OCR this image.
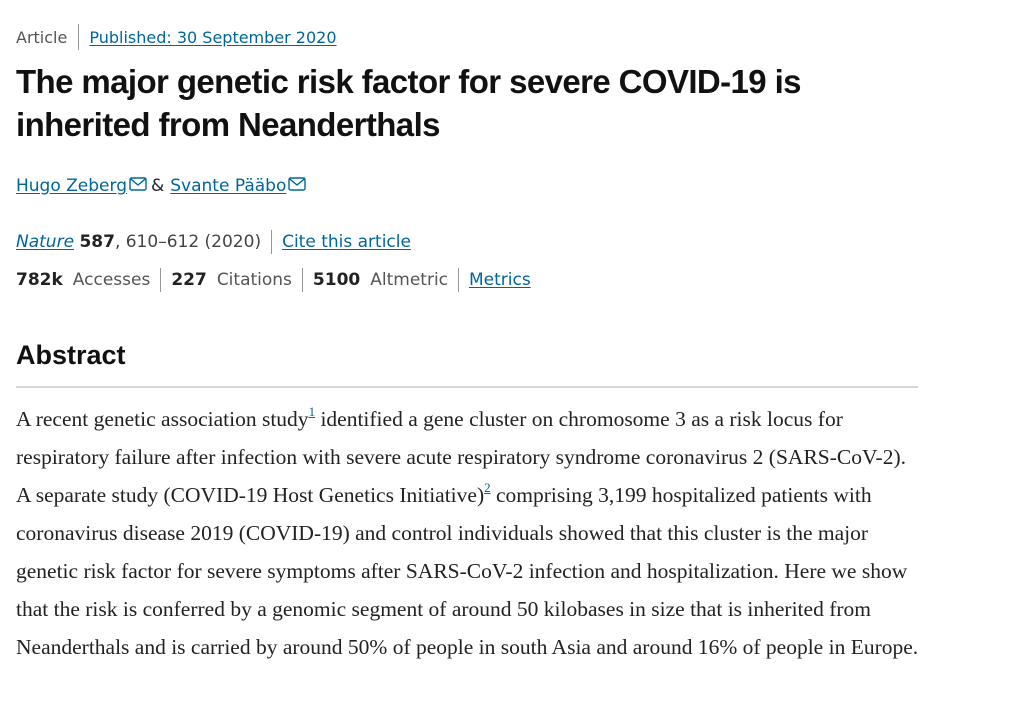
Article Published: 30 September 2020
The major genetic risk factor for severe COVID-19 is inherited from Neanderthals
Hugo Zeberg & Svante Pääbo
Nature
587 , 610–612 (2020) Cite this article
782k Accesses 227 Citations 5100 Altmetric Metrics
Abstract

A recent genetic association study$^1$ identified a gene cluster on chromosome 3 as a risk locus for respiratory failure after infection with severe acute respiratory syndrome coronavirus 2 (SARS-CoV-2). A separate study (COVID-19 Host Genetics Initiative)$^2$ comprising 3,199 hospitalized patients with coronavirus disease 2019 (COVID-19) and control individuals showed that this cluster is the major genetic risk factor for severe symptoms after SARS-CoV-2 infection and hospitalization. Here we show that the risk is conferred by a genomic segment of around 50 kilobases in size that is inherited from Neanderthals and is carried by around 50% of people in south Asia and around 16% of people in Europe.
